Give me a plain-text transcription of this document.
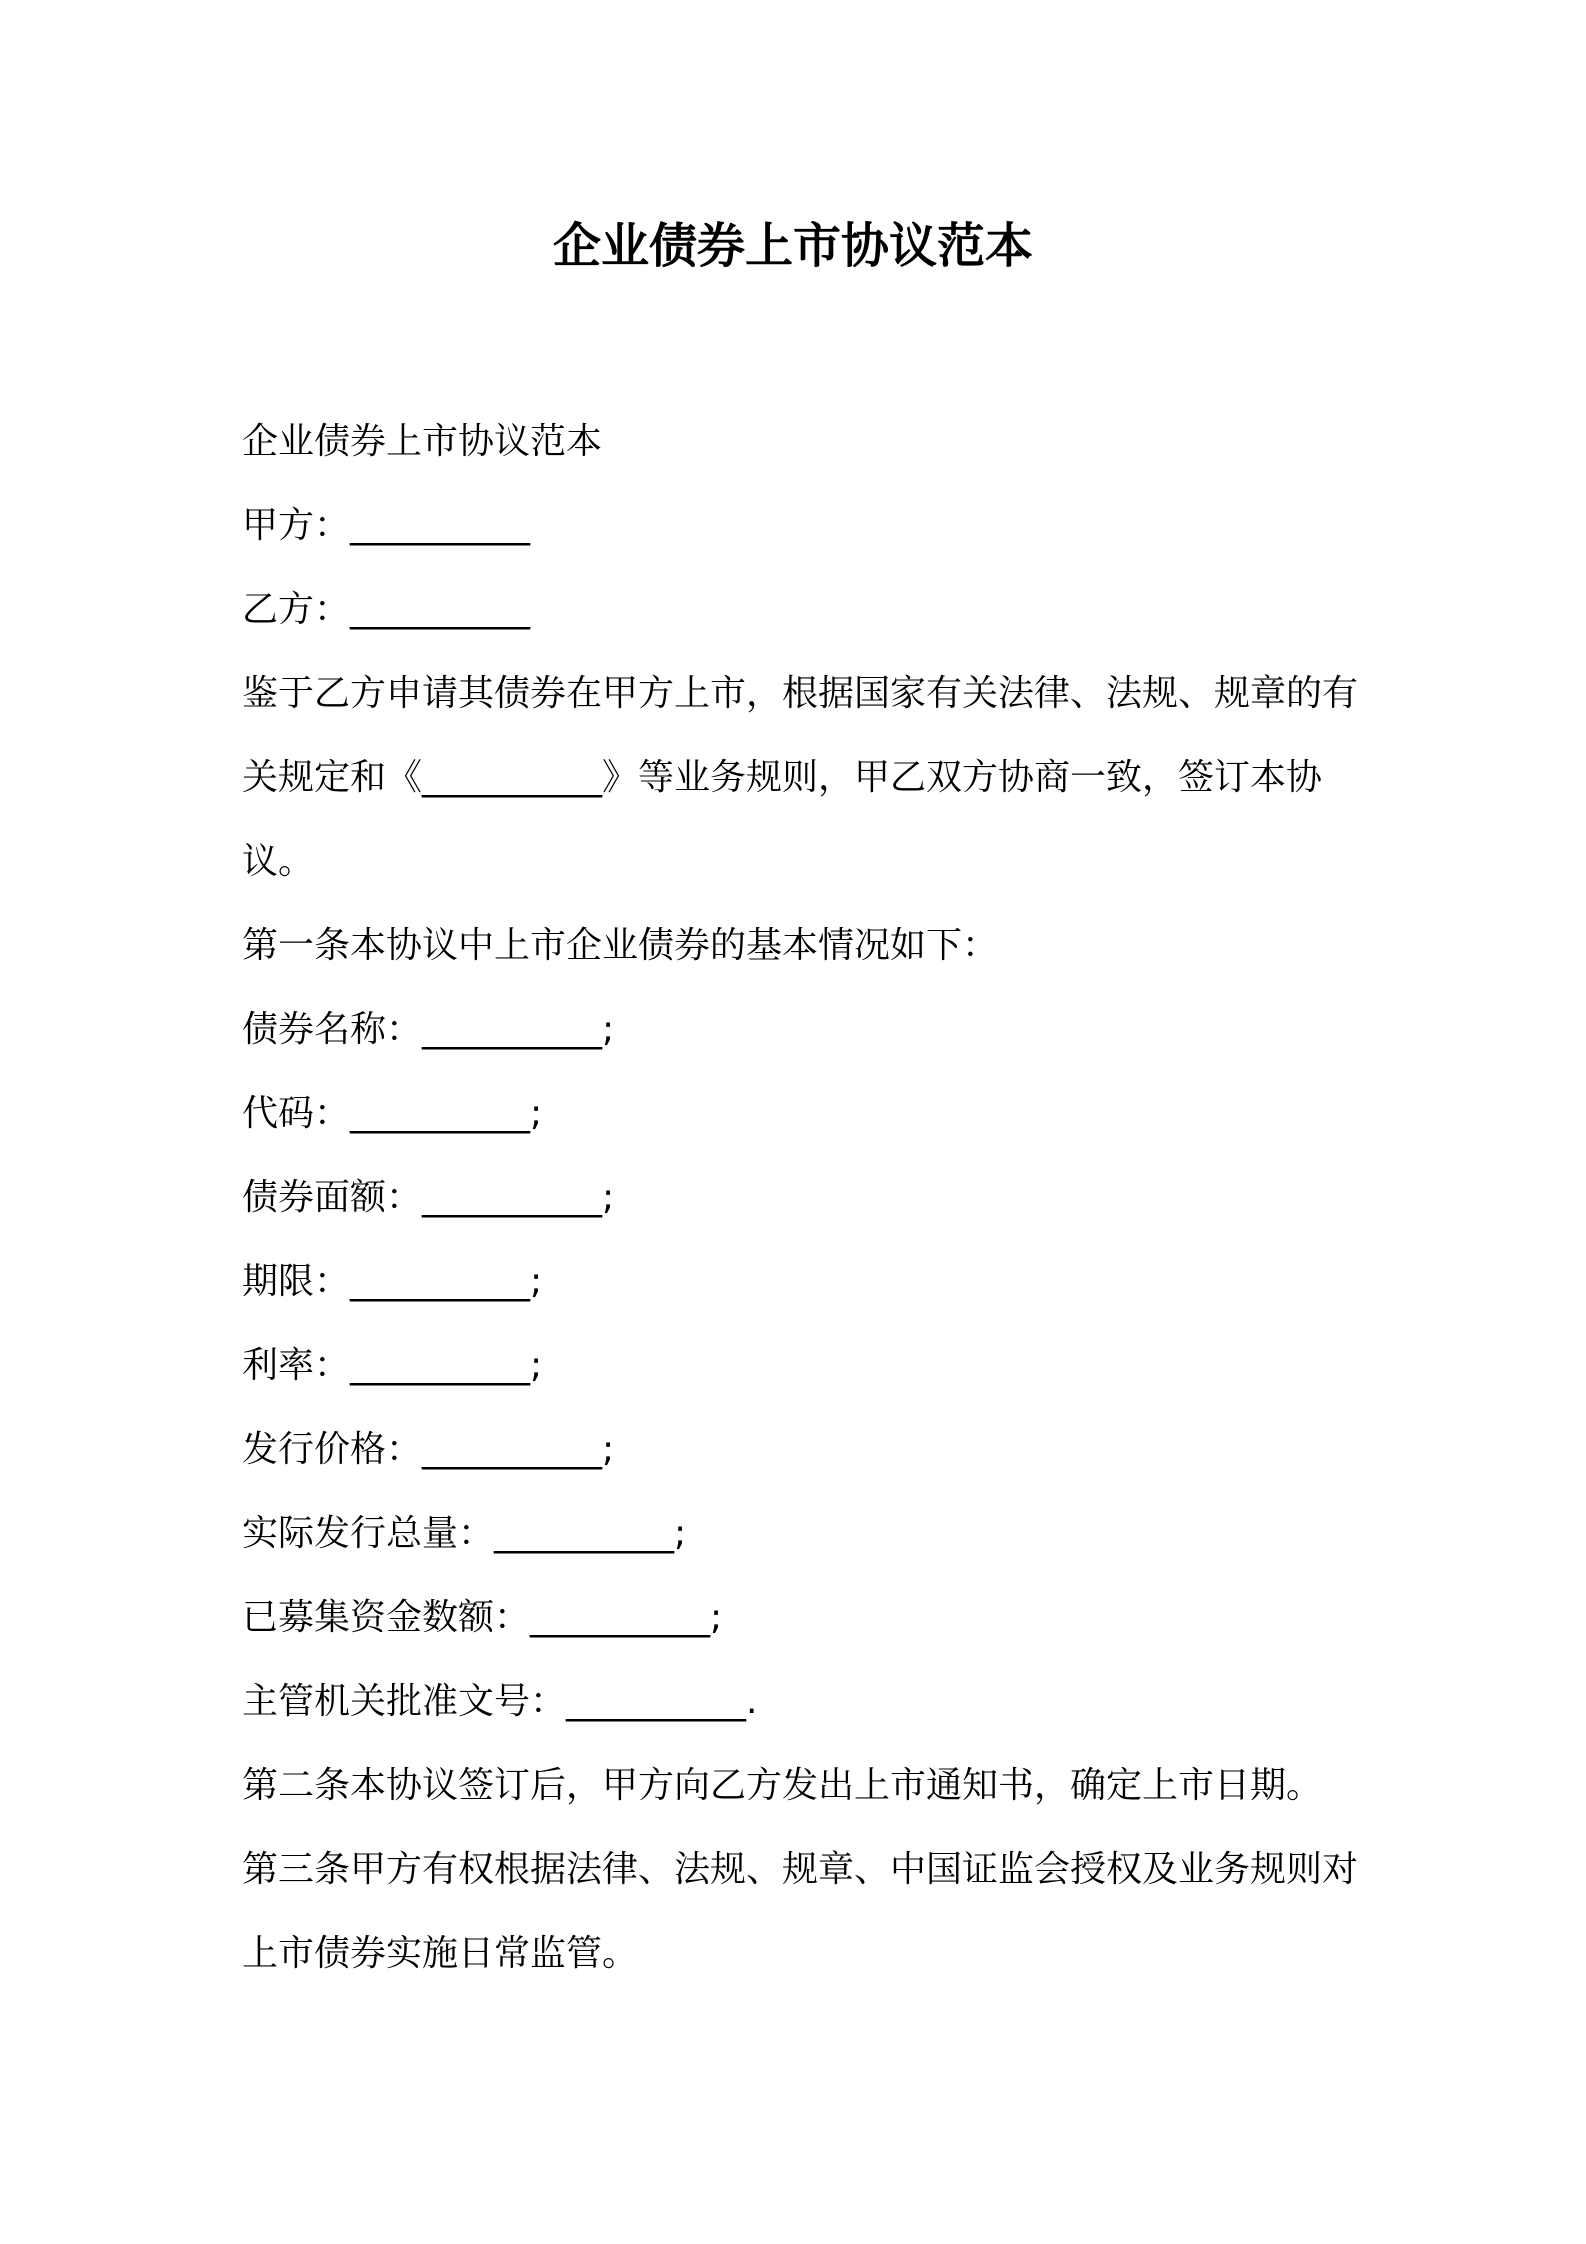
企业债券上市协议范本

企业债券上市协议范本

甲方：__________

乙方：__________

鉴于乙方申请其债券在甲方上市，根据国家有关法律、法规、规章的有关规定和《__________》等业务规则，甲乙双方协商一致，签订本协议。

第一条本协议中上市企业债券的基本情况如下：

债券名称：__________;

代码：__________;

债券面额：__________;

期限：__________;

利率：__________;

发行价格：__________;

实际发行总量：__________;

已募集资金数额：__________;

主管机关批准文号：__________.

第二条本协议签订后，甲方向乙方发出上市通知书，确定上市日期。

第三条甲方有权根据法律、法规、规章、中国证监会授权及业务规则对上市债券实施日常监管。
